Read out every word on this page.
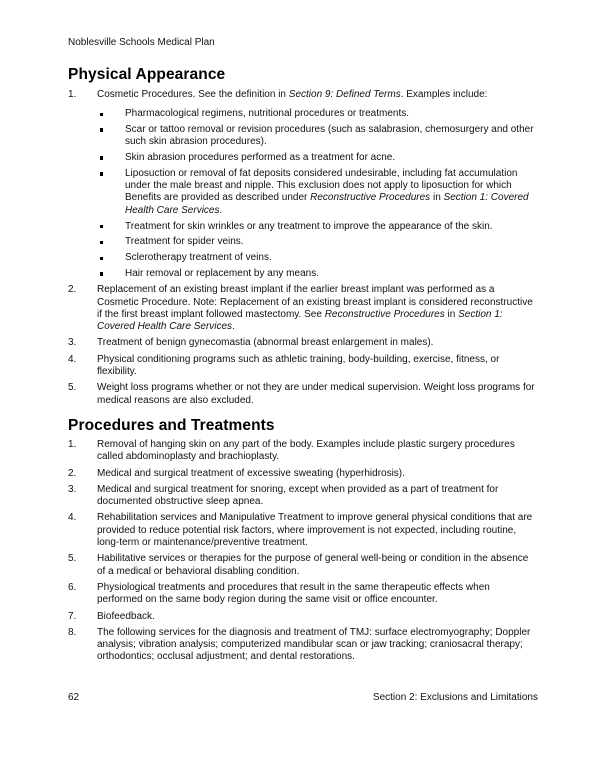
Noblesville Schools Medical Plan
Physical Appearance
1. Cosmetic Procedures. See the definition in Section 9: Defined Terms. Examples include:
Pharmacological regimens, nutritional procedures or treatments.
Scar or tattoo removal or revision procedures (such as salabrasion, chemosurgery and other such skin abrasion procedures).
Skin abrasion procedures performed as a treatment for acne.
Liposuction or removal of fat deposits considered undesirable, including fat accumulation under the male breast and nipple. This exclusion does not apply to liposuction for which Benefits are provided as described under Reconstructive Procedures in Section 1: Covered Health Care Services.
Treatment for skin wrinkles or any treatment to improve the appearance of the skin.
Treatment for spider veins.
Sclerotherapy treatment of veins.
Hair removal or replacement by any means.
2. Replacement of an existing breast implant if the earlier breast implant was performed as a Cosmetic Procedure. Note: Replacement of an existing breast implant is considered reconstructive if the first breast implant followed mastectomy. See Reconstructive Procedures in Section 1: Covered Health Care Services.
3. Treatment of benign gynecomastia (abnormal breast enlargement in males).
4. Physical conditioning programs such as athletic training, body-building, exercise, fitness, or flexibility.
5. Weight loss programs whether or not they are under medical supervision. Weight loss programs for medical reasons are also excluded.
Procedures and Treatments
1. Removal of hanging skin on any part of the body. Examples include plastic surgery procedures called abdominoplasty and brachioplasty.
2. Medical and surgical treatment of excessive sweating (hyperhidrosis).
3. Medical and surgical treatment for snoring, except when provided as a part of treatment for documented obstructive sleep apnea.
4. Rehabilitation services and Manipulative Treatment to improve general physical conditions that are provided to reduce potential risk factors, where improvement is not expected, including routine, long-term or maintenance/preventive treatment.
5. Habilitative services or therapies for the purpose of general well-being or condition in the absence of a medical or behavioral disabling condition.
6. Physiological treatments and procedures that result in the same therapeutic effects when performed on the same body region during the same visit or office encounter.
7. Biofeedback.
8. The following services for the diagnosis and treatment of TMJ: surface electromyography; Doppler analysis; vibration analysis; computerized mandibular scan or jaw tracking; craniosacral therapy; orthodontics; occlusal adjustment; and dental restorations.
62	Section 2: Exclusions and Limitations
